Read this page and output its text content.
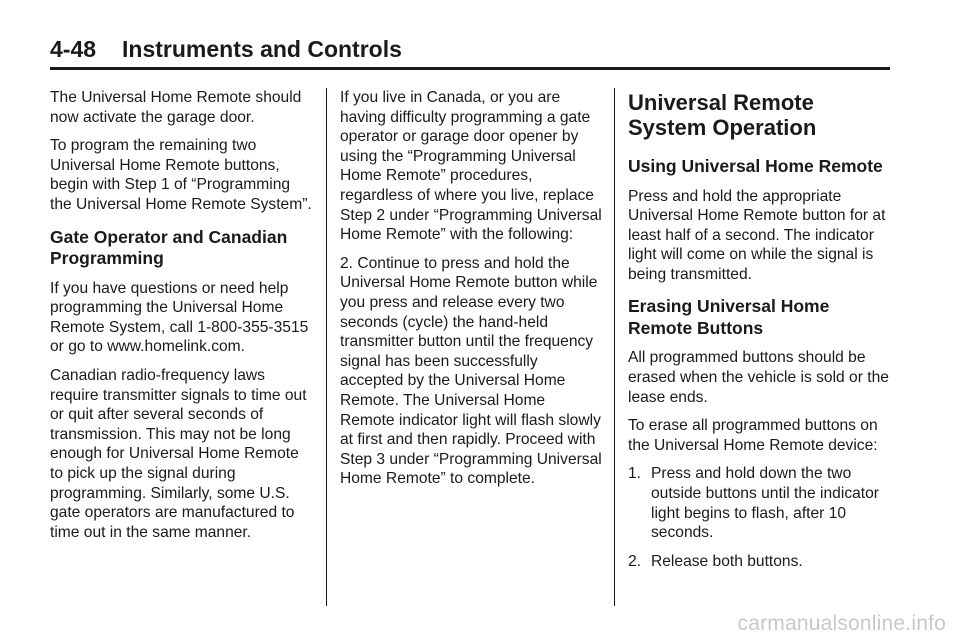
4-48 Instruments and Controls

The Universal Home Remote should now activate the garage door.

To program the remaining two Universal Home Remote buttons, begin with Step 1 of “Programming the Universal Home Remote System”.

Gate Operator and Canadian Programming

If you have questions or need help programming the Universal Home Remote System, call 1-800-355-3515 or go to www.homelink.com.

Canadian radio-frequency laws require transmitter signals to time out or quit after several seconds of transmission. This may not be long enough for Universal Home Remote to pick up the signal during programming. Similarly, some U.S. gate operators are manufactured to time out in the same manner.

If you live in Canada, or you are having difficulty programming a gate operator or garage door opener by using the “Programming Universal Home Remote” procedures, regardless of where you live, replace Step 2 under “Programming Universal Home Remote” with the following:

2. Continue to press and hold the Universal Home Remote button while you press and release every two seconds (cycle) the hand-held transmitter button until the frequency signal has been successfully accepted by the Universal Home Remote. The Universal Home Remote indicator light will flash slowly at first and then rapidly. Proceed with Step 3 under “Programming Universal Home Remote” to complete.

Universal Remote System Operation
Using Universal Home Remote

Press and hold the appropriate Universal Home Remote button for at least half of a second. The indicator light will come on while the signal is being transmitted.

Erasing Universal Home Remote Buttons

All programmed buttons should be erased when the vehicle is sold or the lease ends.

To erase all programmed buttons on the Universal Home Remote device:

1. Press and hold down the two outside buttons until the indicator light begins to flash, after 10 seconds.
2. Release both buttons.
carmanualsonline.info
